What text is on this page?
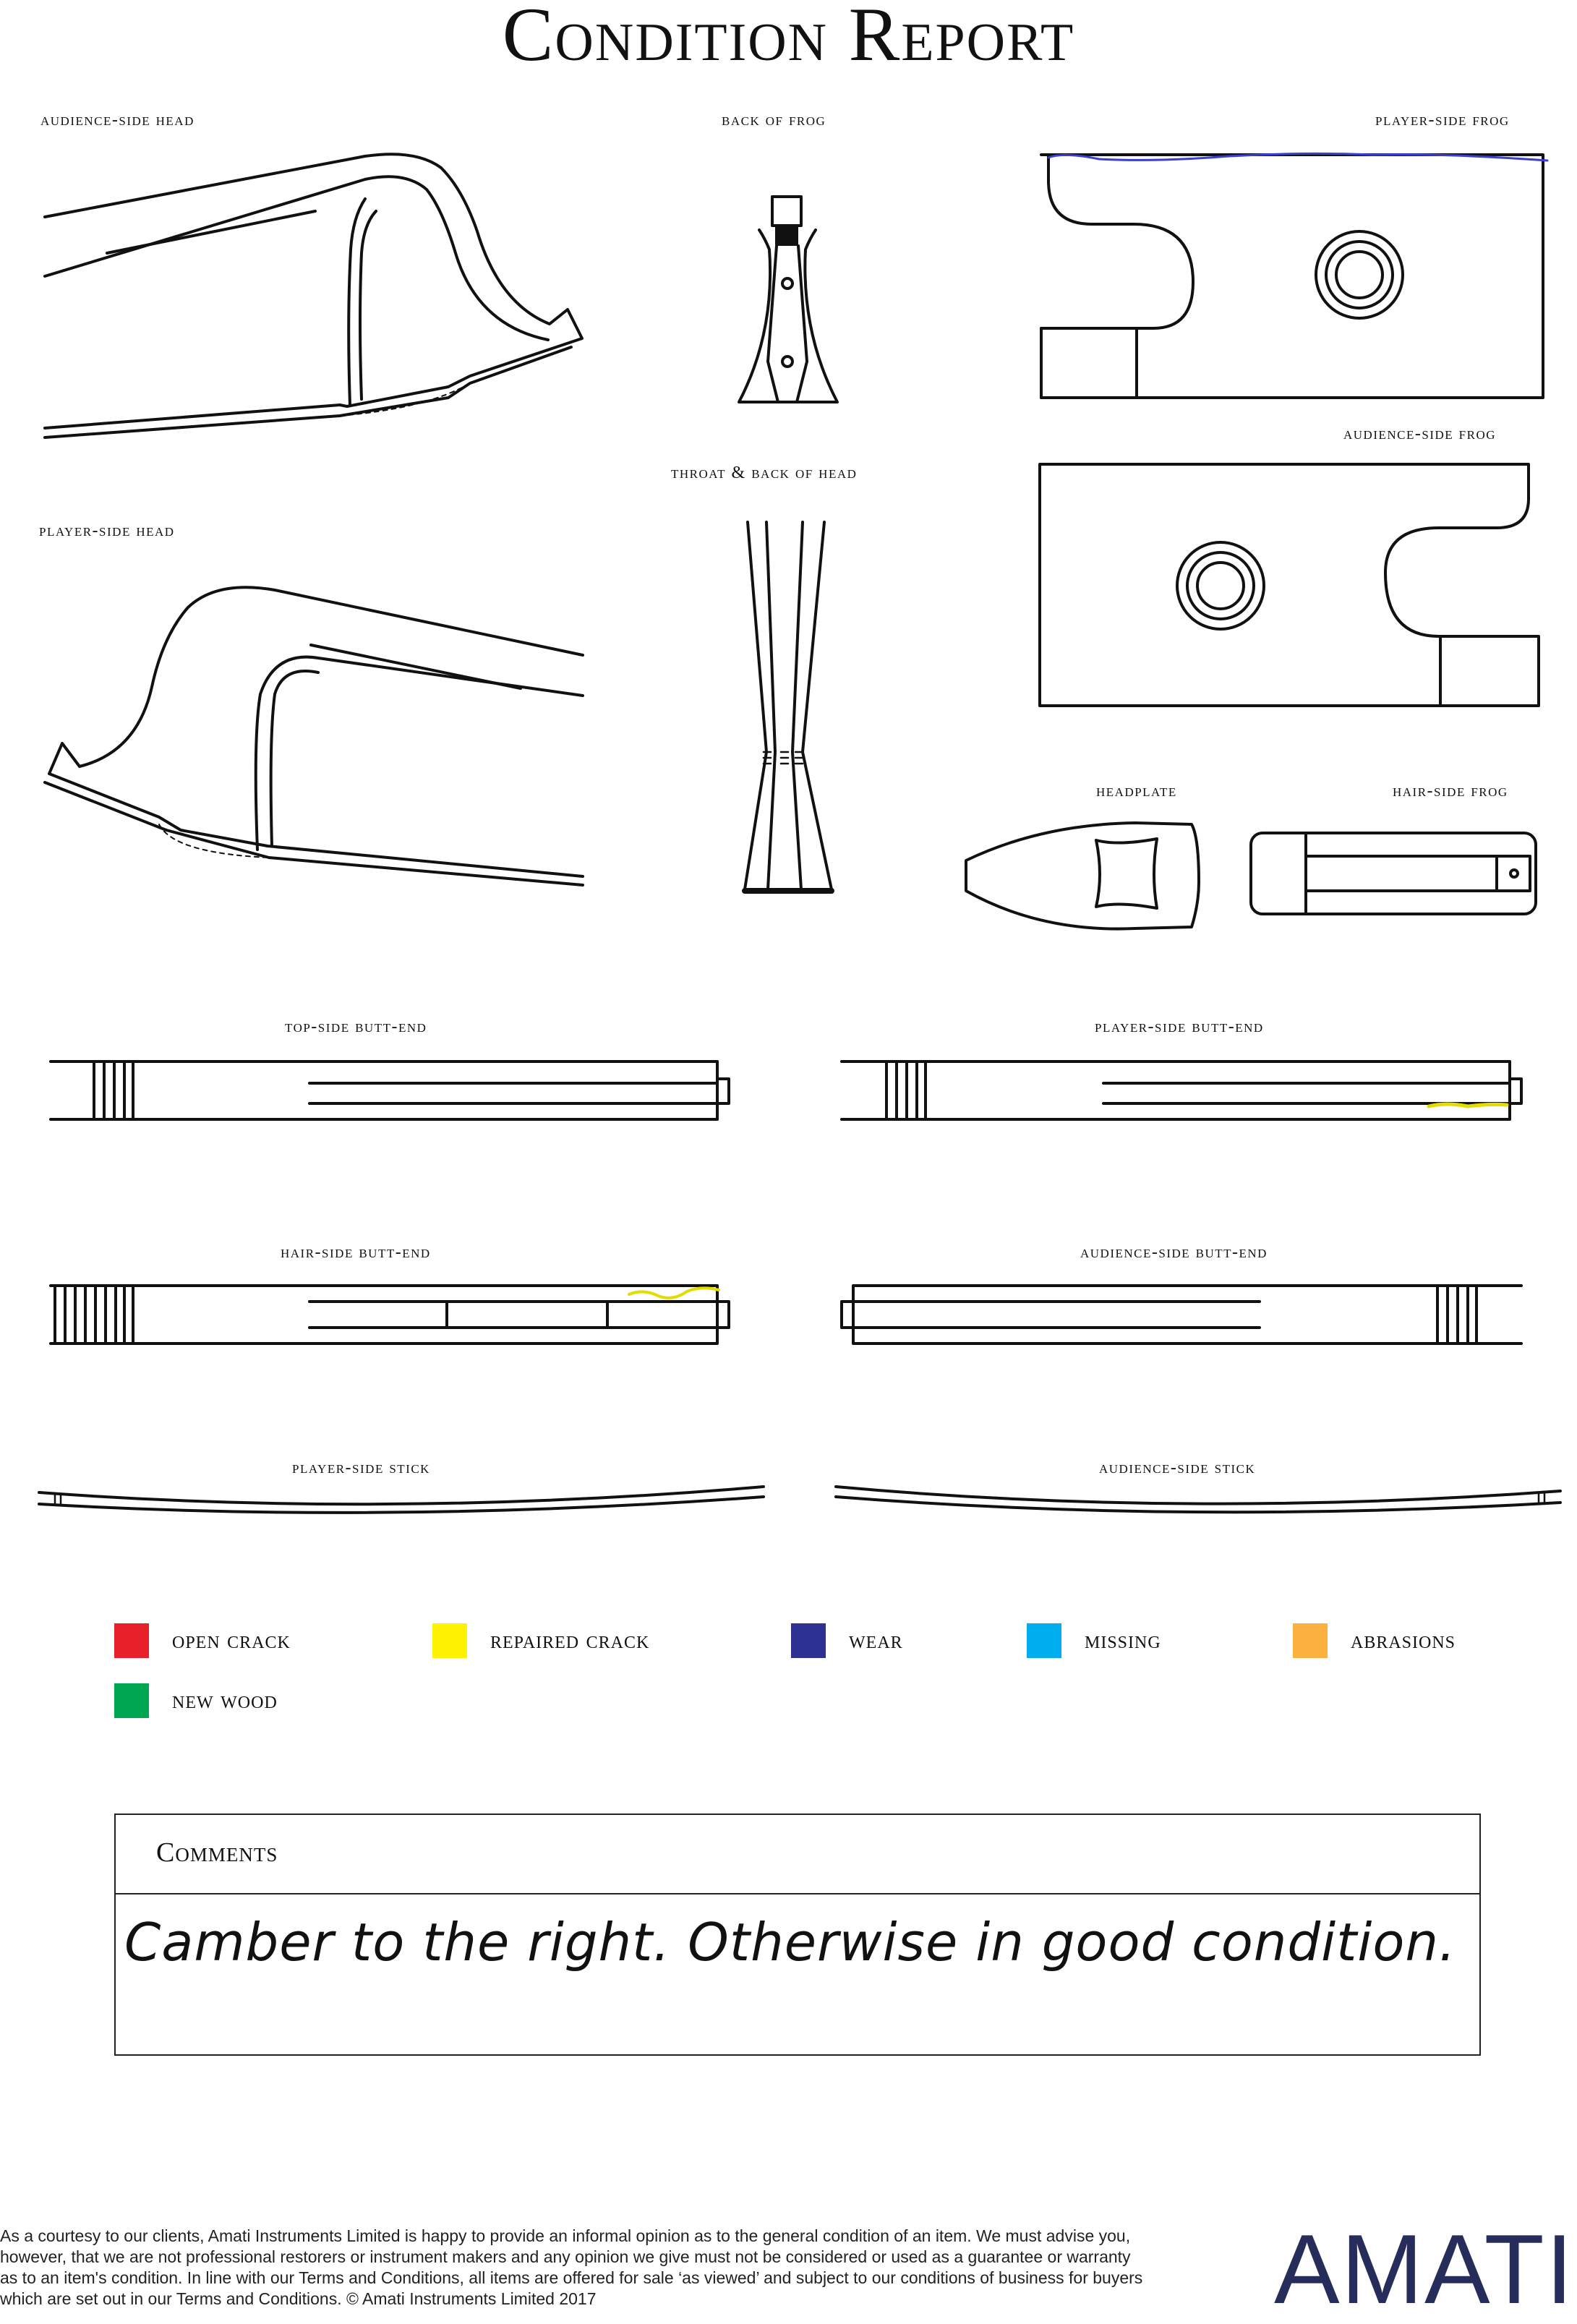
Condition Report
audience-side head	back of frog	player-side frog
audience-side frog
throat & back of head
player-side head
headplate	hair-side frog
top-side butt-end	player-side butt-end
hair-side butt-end	audience-side butt-end
player-side stick	audience-side stick
open crack	repaired crack	wear	missing	abrasions
new wood
Comments
Camber to the right. Otherwise in good condition.
As a courtesy to our clients, Amati Instruments Limited is happy to provide an informal opinion as to the general condition of an item. We must advise you, however, that we are not professional restorers or instrument makers and any opinion we give must not be considered or used as a guarantee or warranty as to an item's condition. In line with our Terms and Conditions, all items are offered for sale ‘as viewed’ and subject to our conditions of business for buyers which are set out in our Terms and Conditions. © Amati Instruments Limited 2017	AMATI
